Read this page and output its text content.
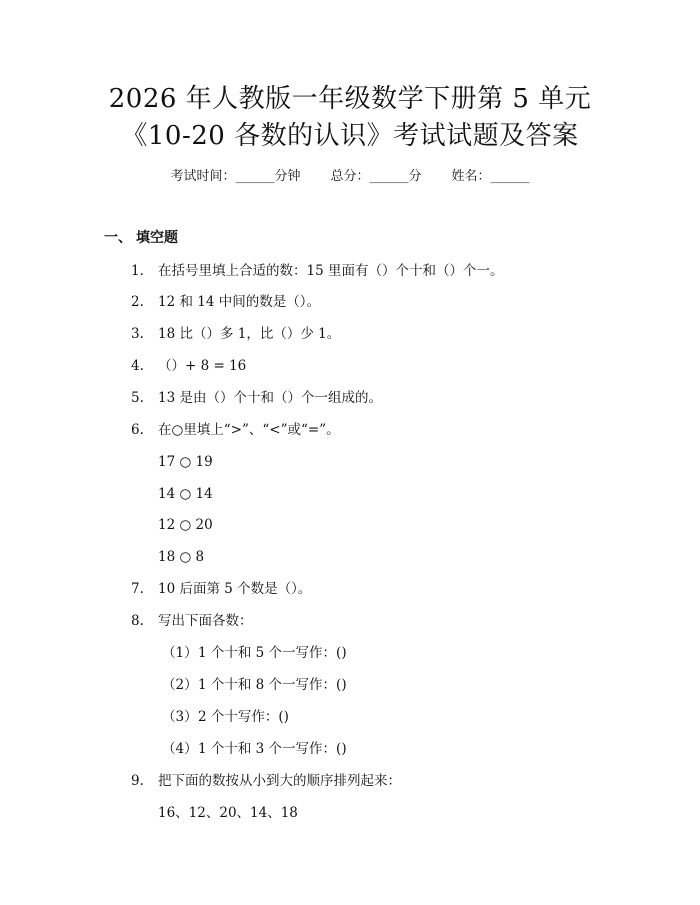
2026 年人教版一年级数学下册第 5 单元
《10-20 各数的认识》考试试题及答案
考试时间：______分钟 总分：______分 姓名：______
一、 填空题
1.	在括号里填上合适的数：15 里面有（）个十和（）个一。
2.	12 和 14 中间的数是（）。
3.	18 比（）多 1，比（）少 1。
4.	（）+ 8 = 16
5.	13 是由（）个十和（）个一组成的。
6.	在○里填上“>”、“<”或“=”。
17 ○ 19
14 ○ 14
12 ○ 20
18 ○ 8
7.	10 后面第 5 个数是（）。
8.	写出下面各数：
（1）1 个十和 5 个一写作：()
（2）1 个十和 8 个一写作：()
（3）2 个十写作：()
（4）1 个十和 3 个一写作：()
9.	把下面的数按从小到大的顺序排列起来：
16、12、20、14、18
